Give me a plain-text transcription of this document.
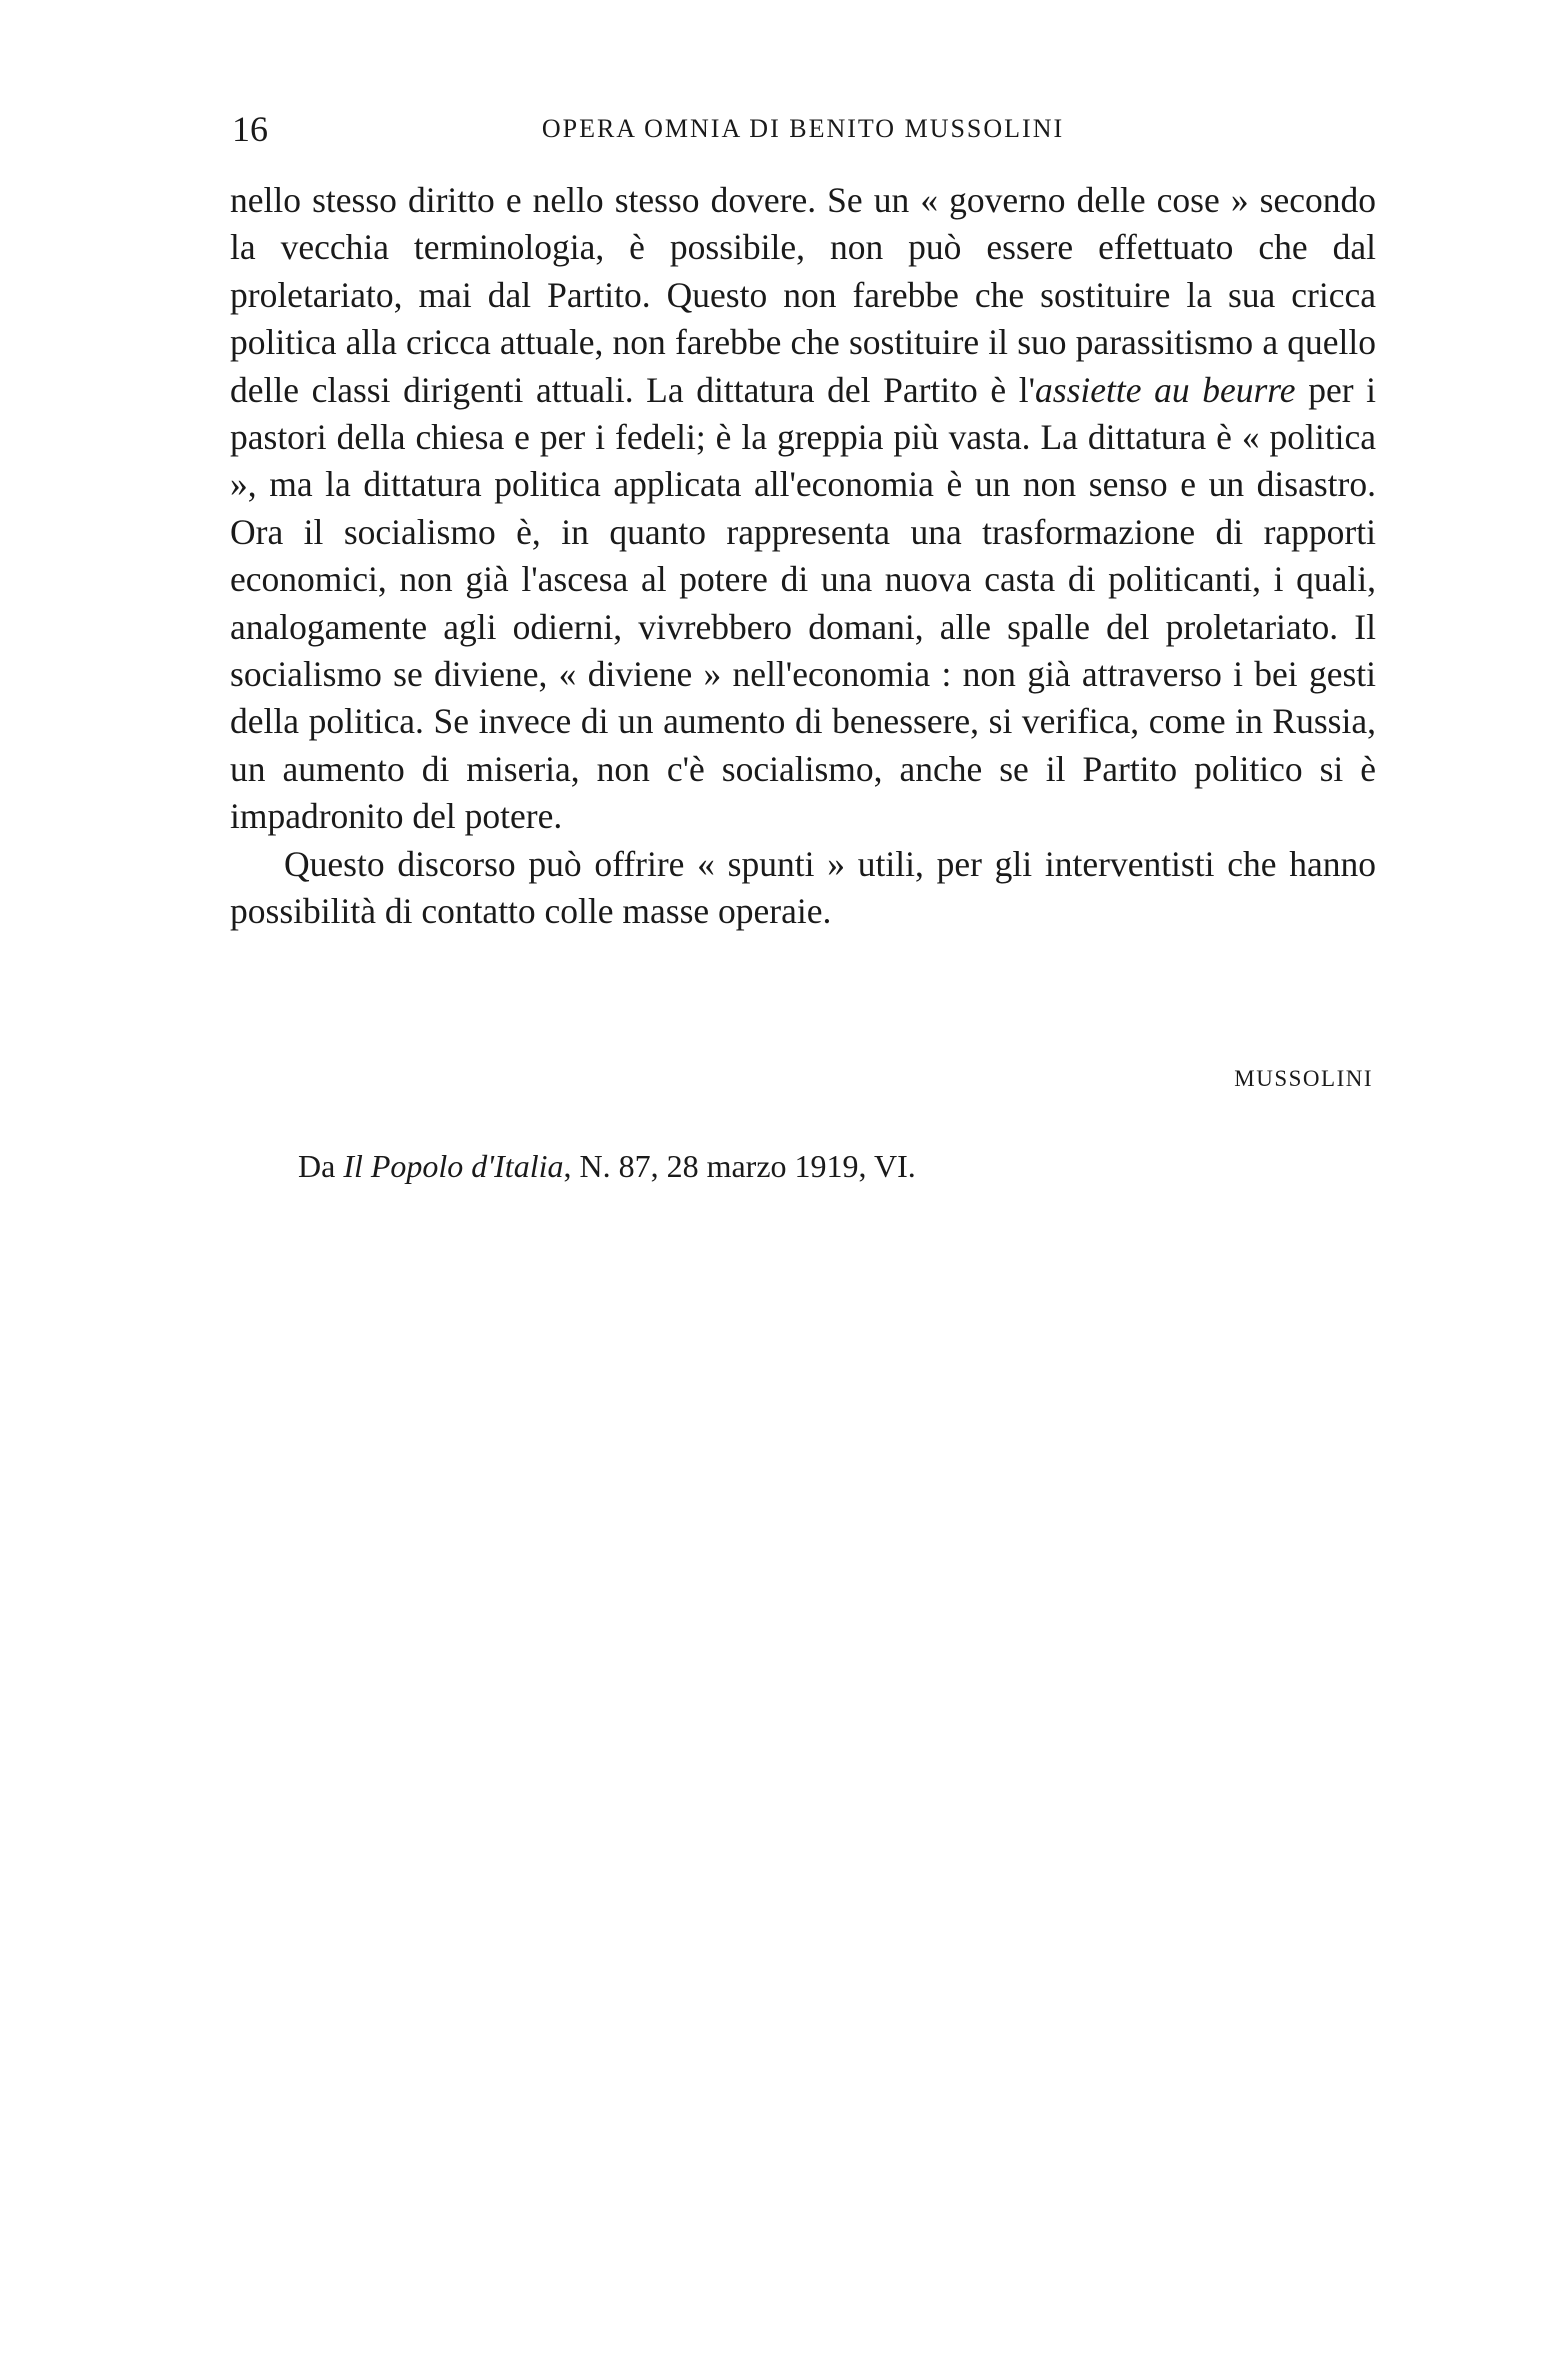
16	OPERA OMNIA DI BENITO MUSSOLINI

nello stesso diritto e nello stesso dovere. Se un « governo delle cose » secondo la vecchia terminologia, è possibile, non può essere effettuato che dal proletariato, mai dal Partito. Questo non farebbe che sostituire la sua cricca politica alla cricca attuale, non farebbe che sostituire il suo parassitismo a quello delle classi dirigenti attuali. La dittatura del Partito è l'assiette au beurre per i pastori della chiesa e per i fedeli; è la greppia più vasta. La dittatura è « politica », ma la dittatura politica applicata all'economia è un non senso e un disastro. Ora il socialismo è, in quanto rappresenta una trasformazione di rapporti economici, non già l'ascesa al potere di una nuova casta di politicanti, i quali, analogamente agli odierni, vivrebbero domani, alle spalle del proletariato. Il socialismo se diviene, « diviene » nell'economia : non già attraverso i bei gesti della politica. Se invece di un aumento di benessere, si verifica, come in Russia, un aumento di miseria, non c'è socialismo, anche se il Partito politico si è impadronito del potere.

Questo discorso può offrire « spunti » utili, per gli interventisti che hanno possibilità di contatto colle masse operaie.

MUSSOLINI
Da Il Popolo d'Italia, N. 87, 28 marzo 1919, VI.
